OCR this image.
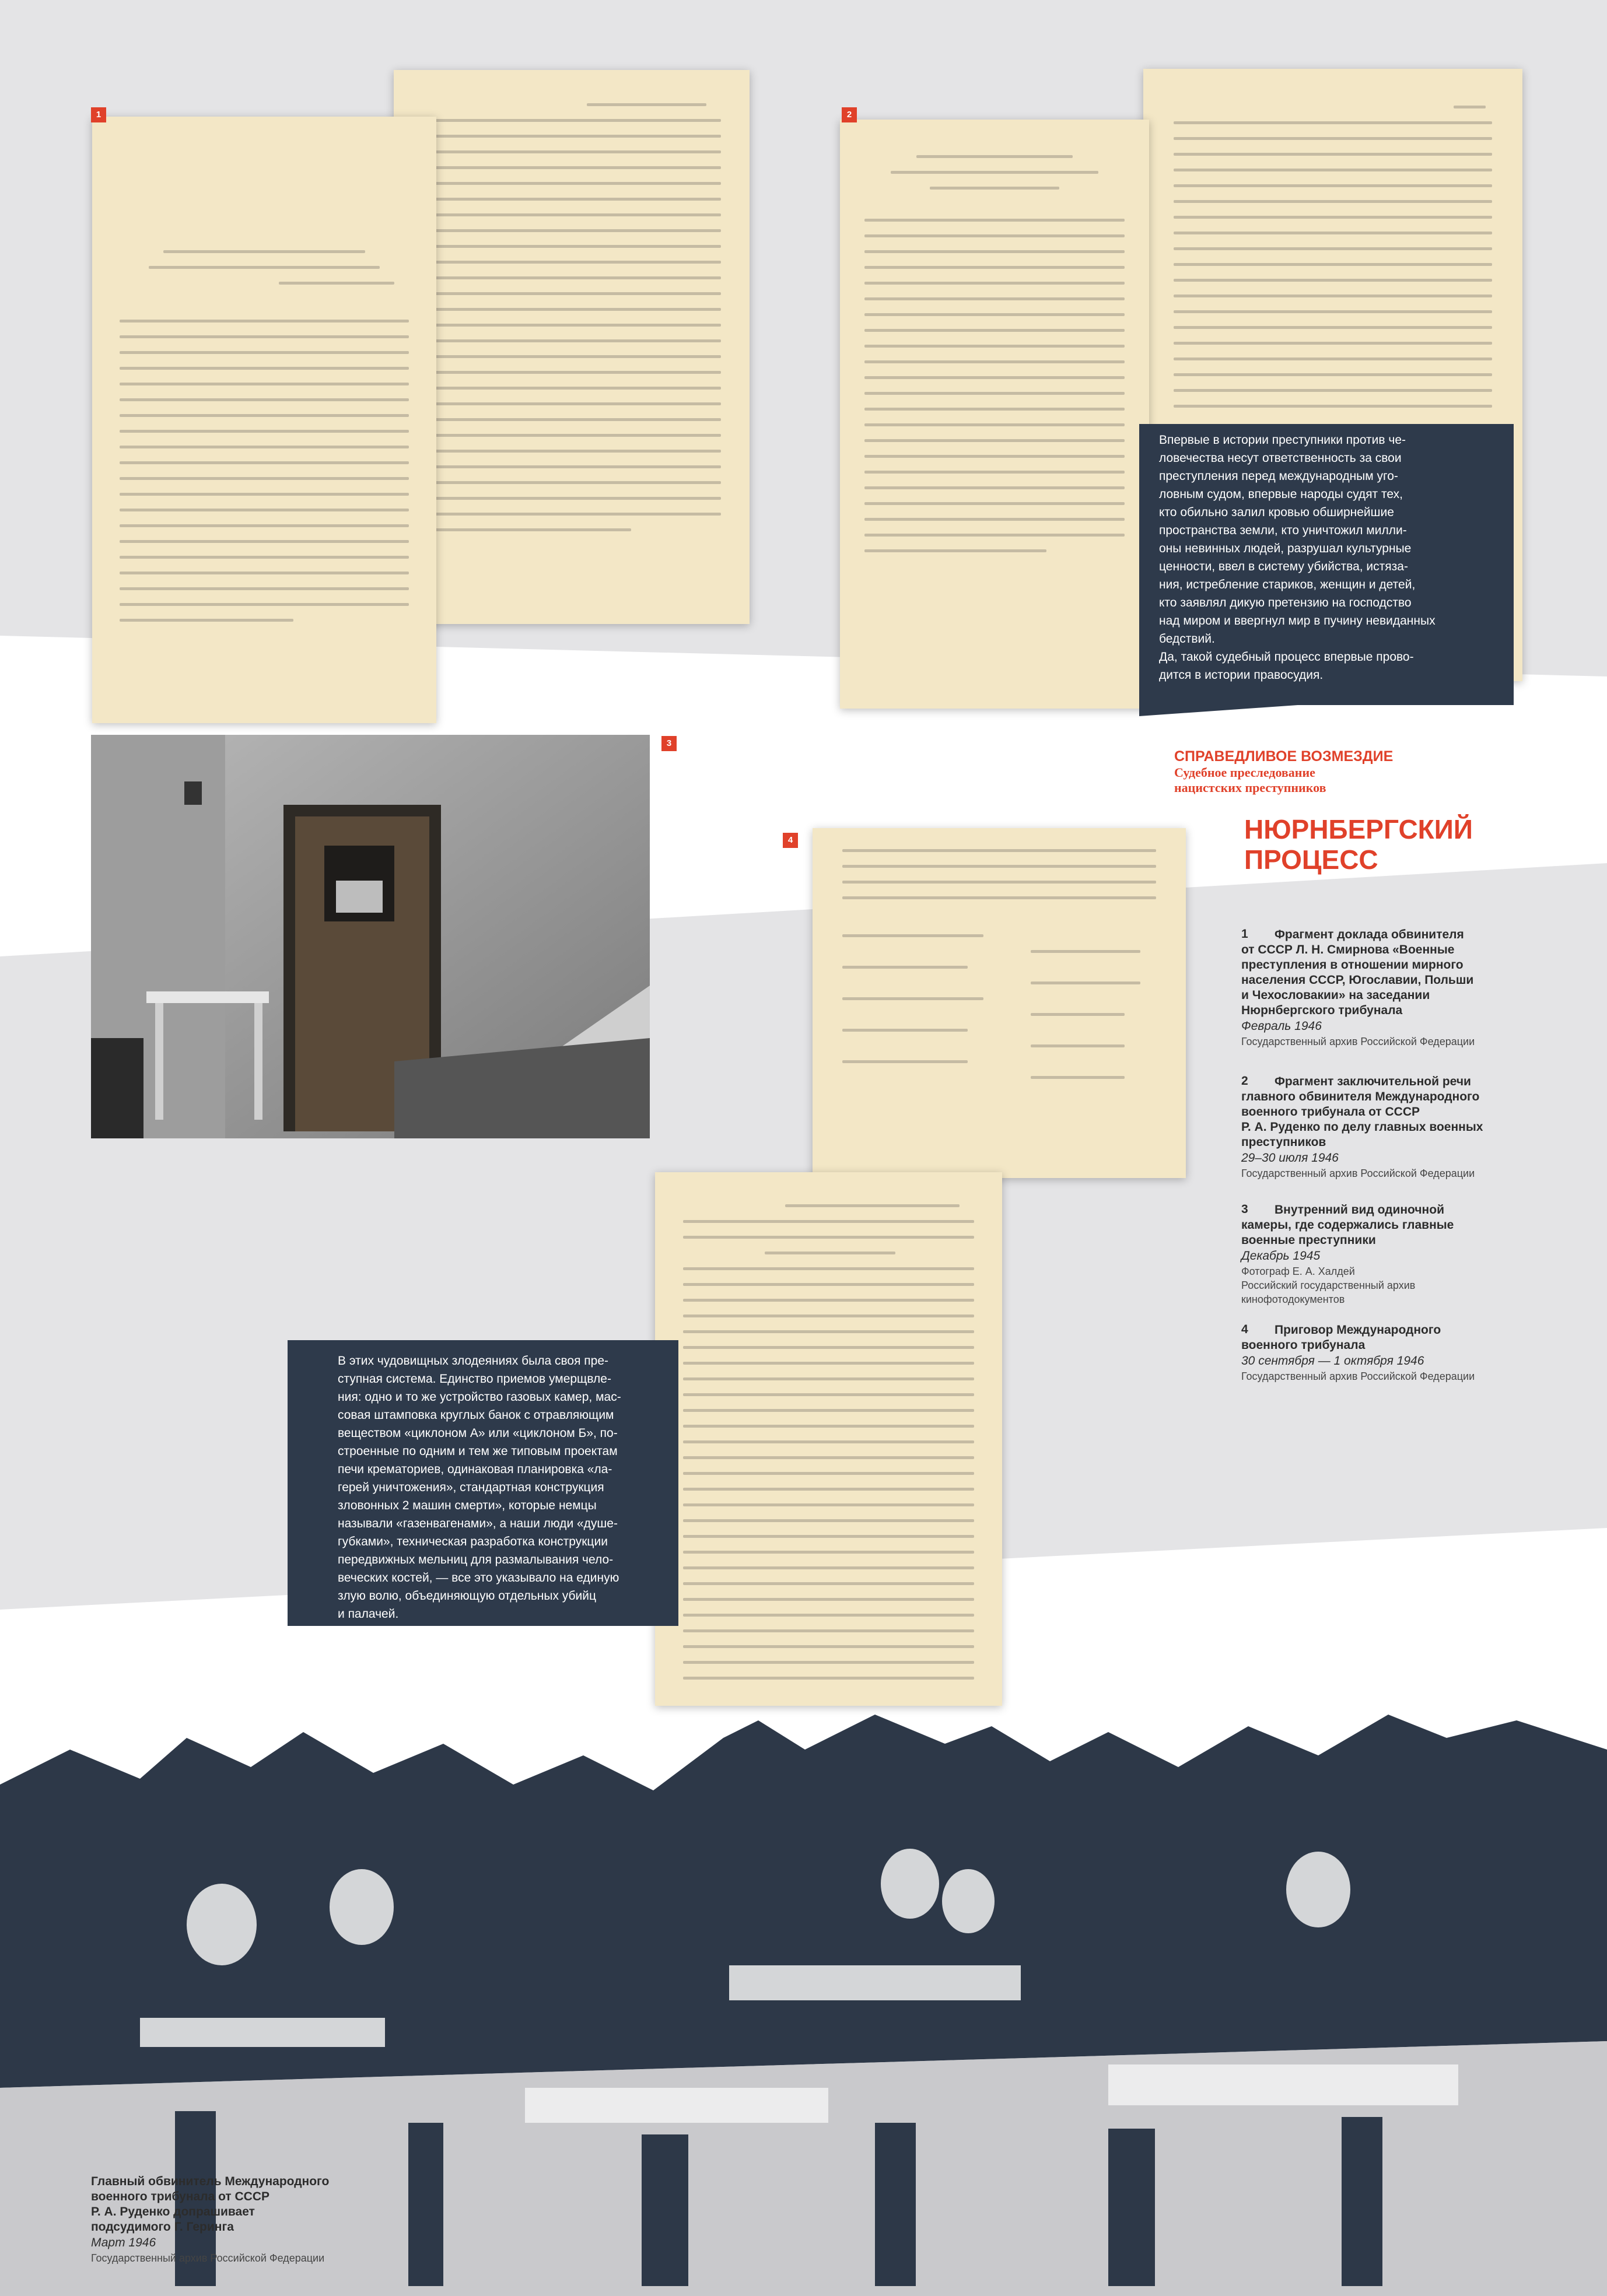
1	2

Впервые в истории преступники против че-

ловечества несут ответственность за свои

преступления перед международным уго-

ловным судом, впервые народы судят тех,

кто обильно залил кровью обширнейшие

пространства земли, кто уничтожил милли-

оны невинных людей, разрушал культурные

ценности, ввел в систему убийства, истяза-

ния, истребление стариков, женщин и детей,

кто заявлял дикую претензию на господство

над миром и ввергнул мир в пучину невиданных

бедствий.

Да, такой судебный процесс впервые прово-

дится в истории правосудия.

3
4

В этих чудовищных злодеяниях была своя пре-

ступная система. Единство приемов умерщвле-

ния: одно и то же устройство газовых камер, мас-

совая штамповка круглых банок с отравляющим

веществом «циклоном А» или «циклоном Б», по-

строенные по одним и тем же типовым проектам

печи крематориев, одинаковая планировка «ла-

герей уничтожения», стандартная конструкция

зловонных 2 машин смерти», которые немцы

называли «газенвагенами», а наши люди «душе-

губками», техническая разработка конструкции

передвижных мельниц для размалывания чело-

веческих костей, — все это указывало на единую

злую волю, объединяющую отдельных убийц

и палачей.

СПРАВЕДЛИВОЕ ВОЗМЕЗДИЕ
Судебное преследование
нацистских преступников
НЮРНБЕРГСКИЙ
ПРОЦЕСС
1	Фрагмент доклада обвинителя
от СССР Л. Н. Смирнова «Военные
преступления в отношении мирного
населения СССР, Югославии, Польши
и Чехословакии» на заседании
Нюрнбергского трибунала
Февраль 1946
Государственный архив Российской Федерации
2	Фрагмент заключительной речи
главного обвинителя Международного
военного трибунала от СССР
Р. А. Руденко по делу главных военных
преступников
29–30 июля 1946
Государственный архив Российской Федерации
3	Внутренний вид одиночной
камеры, где содержались главные
военные преступники
Декабрь 1945
Фотограф Е. А. Халдей
Российский государственный архив
кинофотодокументов
4	Приговор Международного
военного трибунала
30 сентября — 1 октября 1946
Государственный архив Российской Федерации
Главный обвинитель Международного
военного трибунала от СССР
Р. А. Руденко допрашивает
подсудимого Г. Геринга
Март 1946
Государственный архив Российской Федерации
